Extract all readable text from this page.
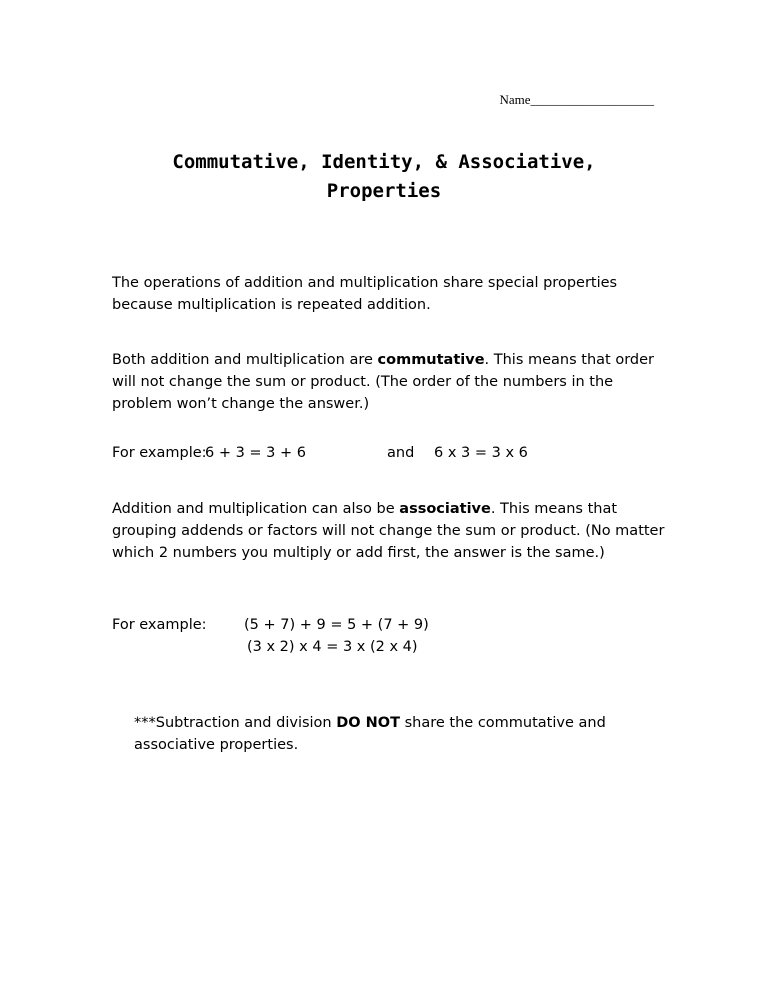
Name___________________
Commutative, Identity, & Associative,
Properties

The operations of addition and multiplication share special properties because multiplication is repeated addition.

Both addition and multiplication are commutative. This means that order will not change the sum or product. (The order of the numbers in the problem won’t change the answer.)

For example:
6 + 3 = 3 + 6	and 6 x 3 = 3 x 6

Addition and multiplication can also be associative. This means that grouping addends or factors will not change the sum or product. (No matter which 2 numbers you multiply or add first, the answer is the same.)

For example:	(5 + 7) + 9 = 5 + (7 + 9)
(3 x 2) x 4 = 3 x (2 x 4)

***Subtraction and division DO NOT share the commutative and associative properties.
